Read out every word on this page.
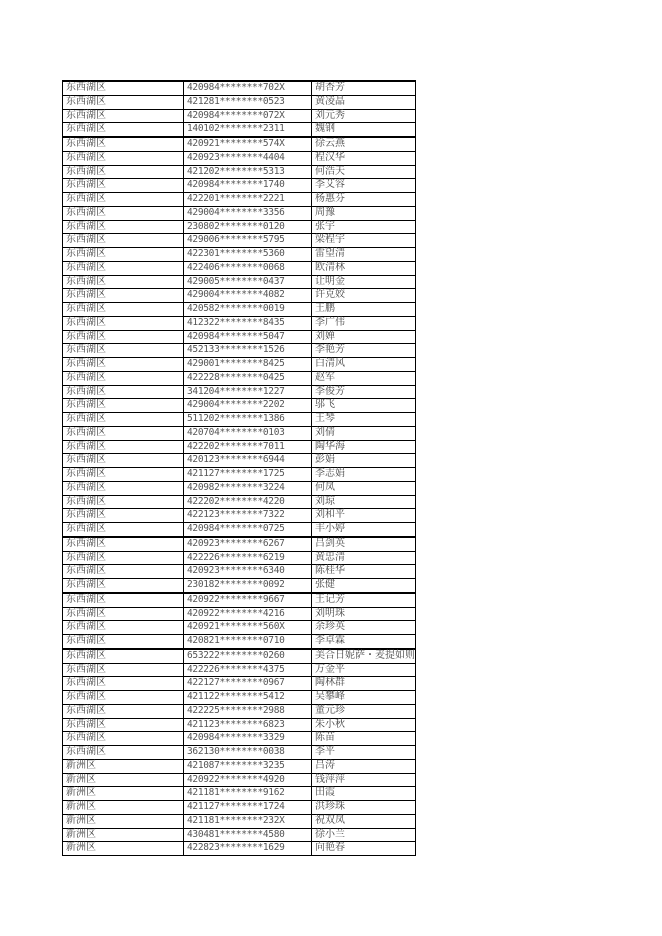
东西湖区	420984********702X	胡杏芳
东西湖区	421281********0523	黄凌晶
东西湖区	420984********072X	刘元秀
东西湖区	140102********2311	魏钢
东西湖区	420921********574X	徐云燕
东西湖区	420923********4404	程汉华
东西湖区	421202********5313	何浩天
东西湖区	420984********1740	李艾容
东西湖区	422201********2221	杨惠芬
东西湖区	429004********3356	周豫
东西湖区	230802********0120	张宇
东西湖区	429006********5795	梁程宇
东西湖区	422301********5360	雷望清
东西湖区	422406********0068	欧清林
东西湖区	429005********0437	让明金
东西湖区	429004********4082	许克姣
东西湖区	420582********0019	王鹏
东西湖区	412322********8435	李广伟
东西湖区	420984********5047	刘婵
东西湖区	452133********1526	李艳芳
东西湖区	429001********8425	白清风
东西湖区	422228********0425	赵军
东西湖区	341204********1227	李俊芳
东西湖区	429004********2202	邬飞
东西湖区	511202********1386	王琴
东西湖区	420704********0103	刘倩
东西湖区	422202********7011	陶华海
东西湖区	420123********6944	彭娟
东西湖区	421127********1725	李志娟
东西湖区	420982********3224	何凤
东西湖区	422202********4220	刘琼
东西湖区	422123********7322	刘和平
东西湖区	420984********0725	丰小婷
东西湖区	420923********6267	吕剑英
东西湖区	422226********6219	黄忠清
东西湖区	420923********6340	陈桂华
东西湖区	230182********0092	张健
东西湖区	420922********9667	王记芳
东西湖区	420922********4216	刘明珠
东西湖区	420921********560X	余珍英
东西湖区	420821********0710	李卓霖
东西湖区	653222********0260	美合日妮萨・麦提如则
东西湖区	422226********4375	万金平
东西湖区	422127********0967	陶林群
东西湖区	421122********5412	吴攀峰
东西湖区	422225********2988	董元珍
东西湖区	421123********6823	朱小秋
东西湖区	420984********3329	陈苗
东西湖区	362130********0038	李平
新洲区	421087********3235	吕涛
新洲区	420922********4920	钱萍萍
新洲区	421181********9162	田霞
新洲区	421127********1724	洪珍珠
新洲区	421181********232X	祝双凤
新洲区	430481********4580	徐小兰
新洲区	422823********1629	向艳春
